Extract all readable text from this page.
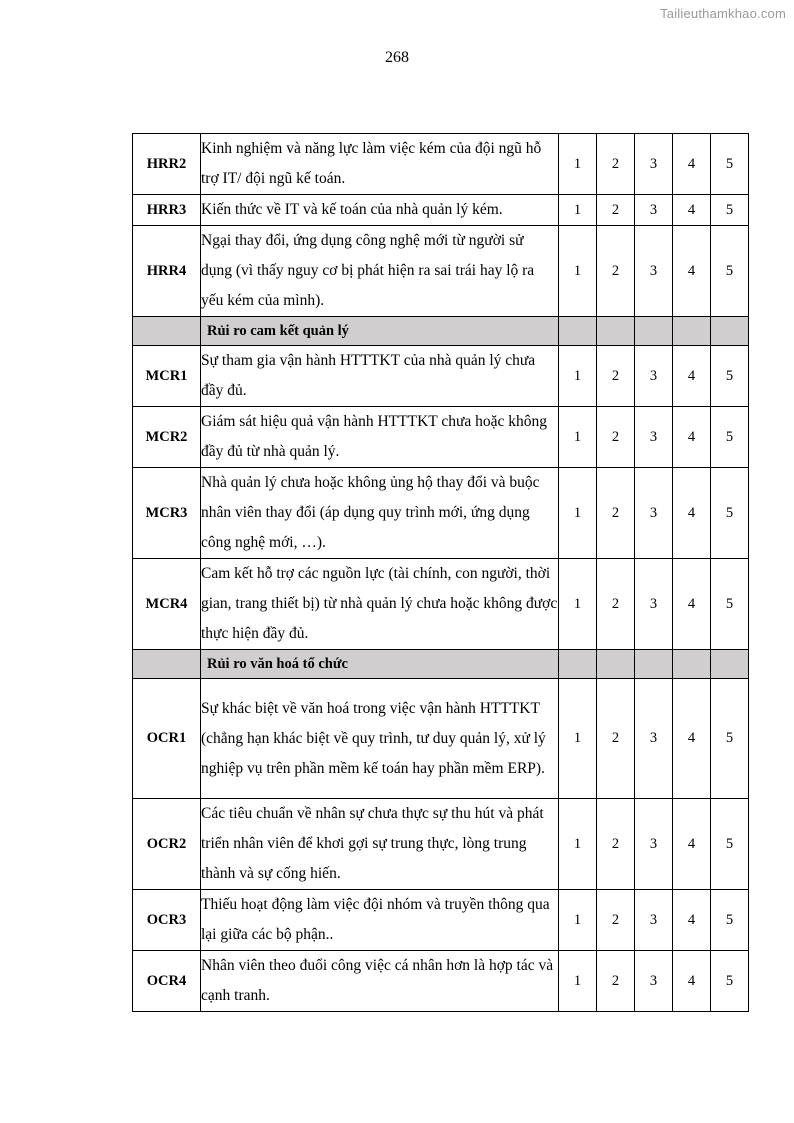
Tailieuthamkhao.com
268
HRR2	Kinh nghiệm và năng lực làm việc kém của đội ngũ hỗ trợ IT/ đội ngũ kế toán.	1	2	3	4	5
HRR3	Kiến thức về IT và kế toán của nhà quản lý kém.	1	2	3	4	5
HRR4	Ngại thay đổi, ứng dụng công nghệ mới từ người sử dụng (vì thấy nguy cơ bị phát hiện ra sai trái hay lộ ra yếu kém của mình).	1	2	3	4	5
	Rủi ro cam kết quản lý					
MCR1	Sự tham gia vận hành HTTTKT của nhà quản lý chưa đầy đủ.	1	2	3	4	5
MCR2	Giám sát hiệu quả vận hành HTTTKT chưa hoặc không đầy đủ từ nhà quản lý.	1	2	3	4	5
MCR3	Nhà quản lý chưa hoặc không ủng hộ thay đổi và buộc nhân viên thay đổi (áp dụng quy trình mới, ứng dụng công nghệ mới, …).	1	2	3	4	5
MCR4	Cam kết hỗ trợ các nguồn lực (tài chính, con người, thời gian, trang thiết bị) từ nhà quản lý chưa hoặc không được thực hiện đầy đủ.	1	2	3	4	5
	Rủi ro văn hoá tổ chức					
OCR1	Sự khác biệt về văn hoá trong việc vận hành HTTTKT (chẳng hạn khác biệt về quy trình, tư duy quản lý, xử lý nghiệp vụ trên phần mềm kế toán hay phần mềm ERP).	1	2	3	4	5
OCR2	Các tiêu chuẩn về nhân sự chưa thực sự thu hút và phát triển nhân viên để khơi gợi sự trung thực, lòng trung thành và sự cống hiến.	1	2	3	4	5
OCR3	Thiếu hoạt động làm việc đội nhóm và truyền thông qua lại giữa các bộ phận..	1	2	3	4	5
OCR4	Nhân viên theo đuổi công việc cá nhân hơn là hợp tác và cạnh tranh.	1	2	3	4	5
